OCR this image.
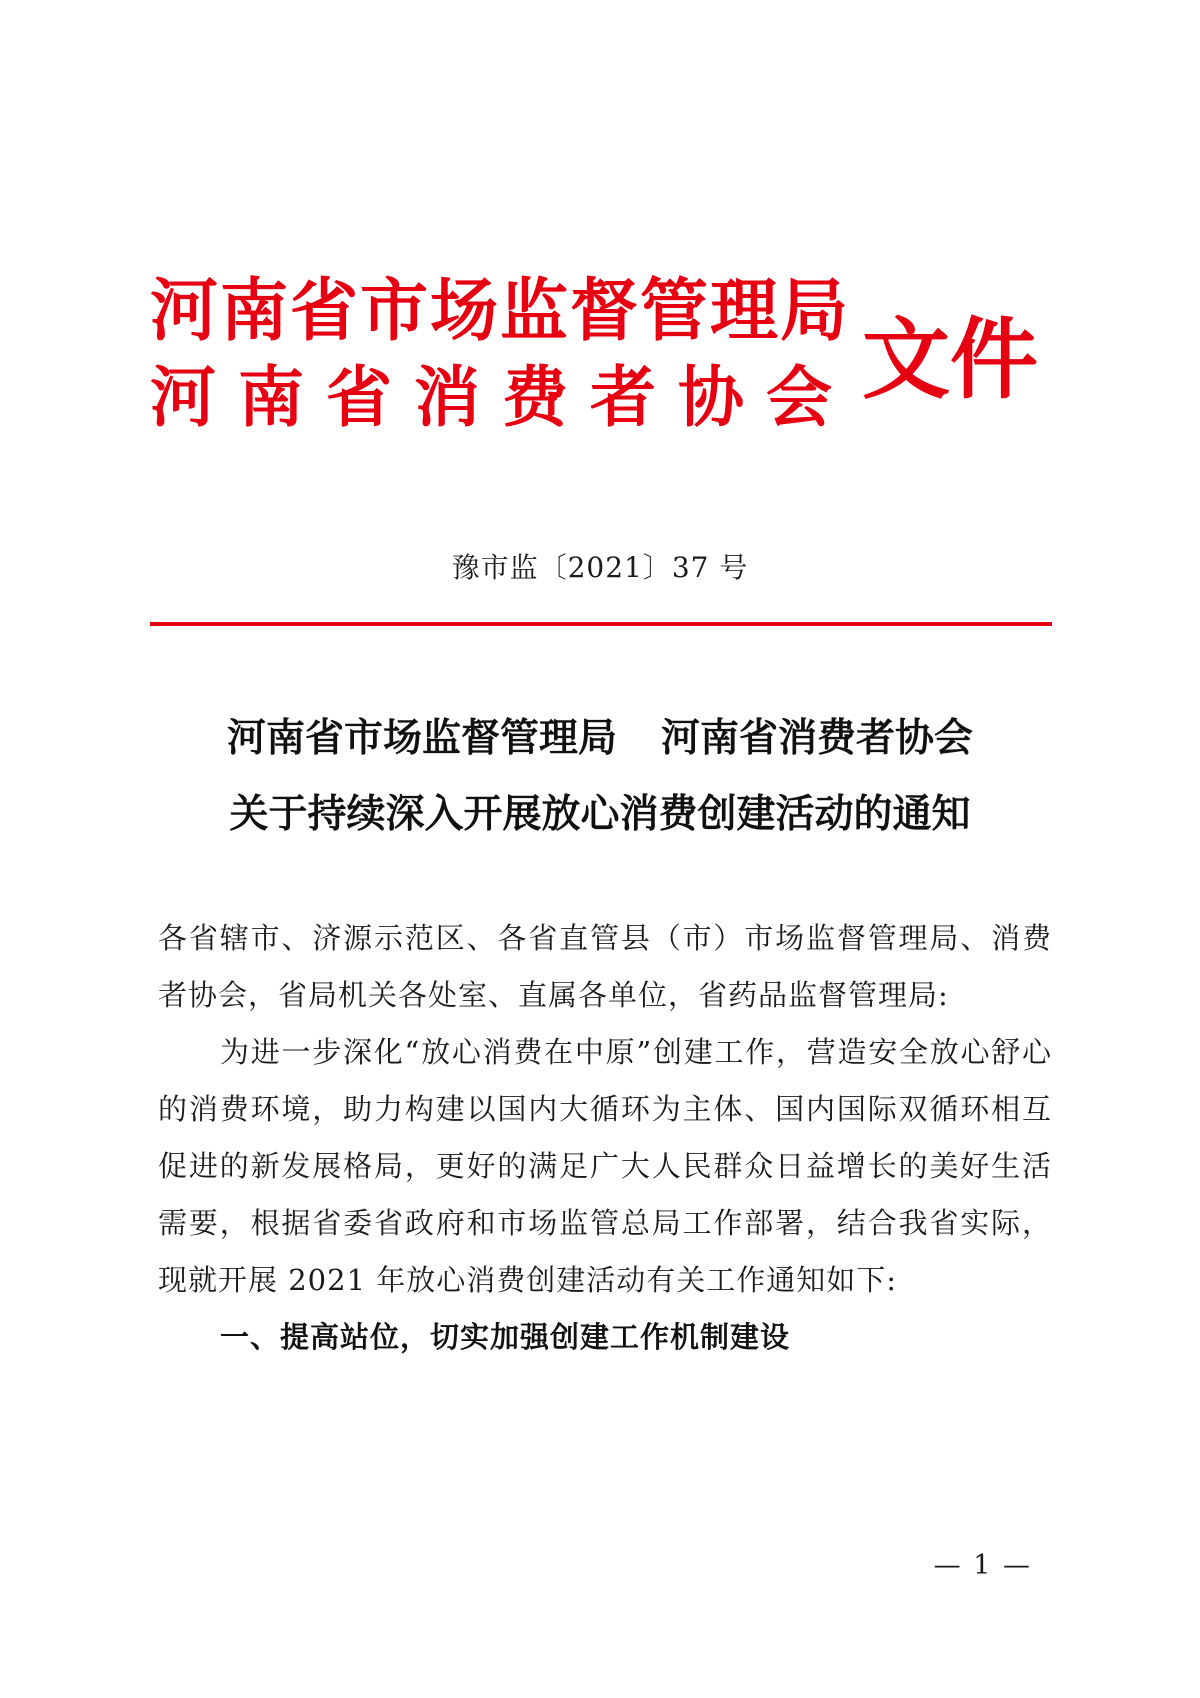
河南省市场监督管理局
河南省消费者协会 文件
豫市监〔2021〕37 号
河南省市场监督管理局 河南省消费者协会
关于持续深入开展放心消费创建活动的通知

各省辖市、济源示范区、各省直管县（市）市场监督管理局、消费者协会，省局机关各处室、直属各单位，省药品监督管理局:

为进一步深化“放心消费在中原”创建工作，营造安全放心舒心的消费环境，助力构建以国内大循环为主体、国内国际双循环相互促进的新发展格局，更好的满足广大人民群众日益增长的美好生活需要，根据省委省政府和市场监管总局工作部署，结合我省实际，现就开展 2021 年放心消费创建活动有关工作通知如下:

一、提高站位，切实加强创建工作机制建设

— 1 —
